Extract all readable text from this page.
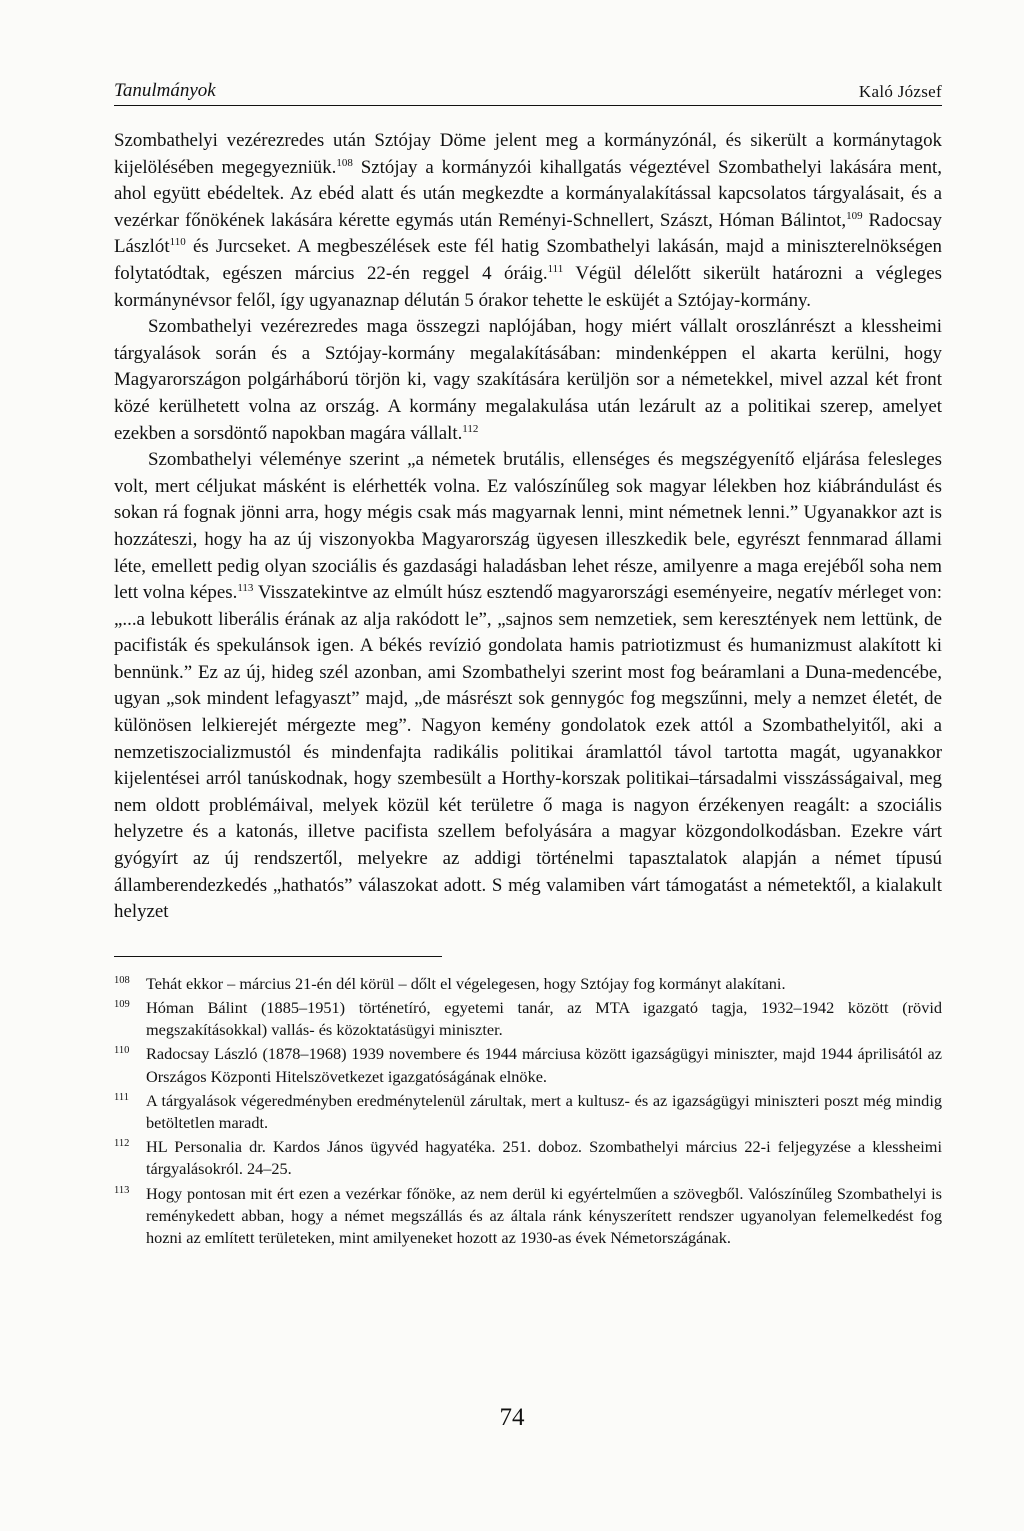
Tanulmányok	Kaló József

Szombathelyi vezérezredes után Sztójay Döme jelent meg a kormányzónál, és sikerült a kormánytagok kijelölésében megegyezniük.$^{108}$ Sztójay a kormányzói kihallgatás végeztével Szombathelyi lakására ment, ahol együtt ebédeltek. Az ebéd alatt és után megkezdte a kormányalakítással kapcsolatos tárgyalásait, és a vezérkar főnökének lakására kérette egymás után Reményi-Schnellert, Szászt, Hóman Bálintot,$^{109}$ Radocsay Lászlót$^{110}$ és Jurcseket. A megbeszélések este fél hatig Szombathelyi lakásán, majd a miniszterelnökségen folytatódtak, egészen március 22-én reggel 4 óráig.$^{111}$ Végül délelőtt sikerült határozni a végleges kormánynévsor felől, így ugyanaznap délután 5 órakor tehette le esküjét a Sztójay-kormány.

Szombathelyi vezérezredes maga összegzi naplójában, hogy miért vállalt oroszlánrészt a klessheimi tárgyalások során és a Sztójay-kormány megalakításában: mindenképpen el akarta kerülni, hogy Magyarországon polgárháború törjön ki, vagy szakítására kerüljön sor a németekkel, mivel azzal két front közé kerülhetett volna az ország. A kormány megalakulása után lezárult az a politikai szerep, amelyet ezekben a sorsdöntő napokban magára vállalt.$^{112}$

Szombathelyi véleménye szerint „a németek brutális, ellenséges és megszégyenítő eljárása felesleges volt, mert céljukat másként is elérhették volna. Ez valószínűleg sok magyar lélekben hoz kiábrándulást és sokan rá fognak jönni arra, hogy mégis csak más magyarnak lenni, mint németnek lenni.” Ugyanakkor azt is hozzáteszi, hogy ha az új viszonyokba Magyarország ügyesen illeszkedik bele, egyrészt fennmarad állami léte, emellett pedig olyan szociális és gazdasági haladásban lehet része, amilyenre a maga erejéből soha nem lett volna képes.$^{113}$ Visszatekintve az elmúlt húsz esztendő magyarországi eseményeire, negatív mérleget von: „...a lebukott liberális érának az alja rakódott le”, „sajnos sem nemzetiek, sem keresztények nem lettünk, de pacifisták és spekulánsok igen. A békés revízió gondolata hamis patriotizmust és humanizmust alakított ki bennünk.” Ez az új, hideg szél azonban, ami Szombathelyi szerint most fog beáramlani a Duna-medencébe, ugyan „sok mindent lefagyaszt” majd, „de másrészt sok gennygóc fog megszűnni, mely a nemzet életét, de különösen lelkierejét mérgezte meg”. Nagyon kemény gondolatok ezek attól a Szombathelyitől, aki a nemzetiszocializmustól és mindenfajta radikális politikai áramlattól távol tartotta magát, ugyanakkor kijelentései arról tanúskodnak, hogy szembesült a Horthy-korszak politikai–társadalmi visszásságaival, meg nem oldott problémáival, melyek közül két területre ő maga is nagyon érzékenyen reagált: a szociális helyzetre és a katonás, illetve pacifista szellem befolyására a magyar közgondolkodásban. Ezekre várt gyógyírt az új rendszertől, melyekre az addigi történelmi tapasztalatok alapján a német típusú államberendezkedés „hathatós” válaszokat adott. S még valamiben várt támogatást a németektől, a kialakult helyzet

108 Tehát ekkor – március 21-én dél körül – dőlt el végelegesen, hogy Sztójay fog kormányt alakítani.
109 Hóman Bálint (1885–1951) történetíró, egyetemi tanár, az MTA igazgató tagja, 1932–1942 között (rövid megszakításokkal) vallás- és közoktatásügyi miniszter.
110	Radocsay László (1878–1968) 1939 novembere és 1944 márciusa között igazságügyi miniszter, majd 1944 áprilisától az Országos Központi Hitelszövetkezet igazgatóságának elnöke.
111	A tárgyalások végeredményben eredménytelenül zárultak, mert a kultusz- és az igazságügyi miniszteri poszt még mindig betöltetlen maradt.
112	HL Personalia dr. Kardos János ügyvéd hagyatéka. 251. doboz. Szombathelyi március 22-i feljegyzése a klessheimi tárgyalásokról. 24–25.
113	Hogy pontosan mit ért ezen a vezérkar főnöke, az nem derül ki egyértelműen a szövegből. Valószínűleg Szombathelyi is reménykedett abban, hogy a német megszállás és az általa ránk kényszerített rendszer ugyanolyan felemelkedést fog hozni az említett területeken, mint amilyeneket hozott az 1930-as évek Németországának.
74
